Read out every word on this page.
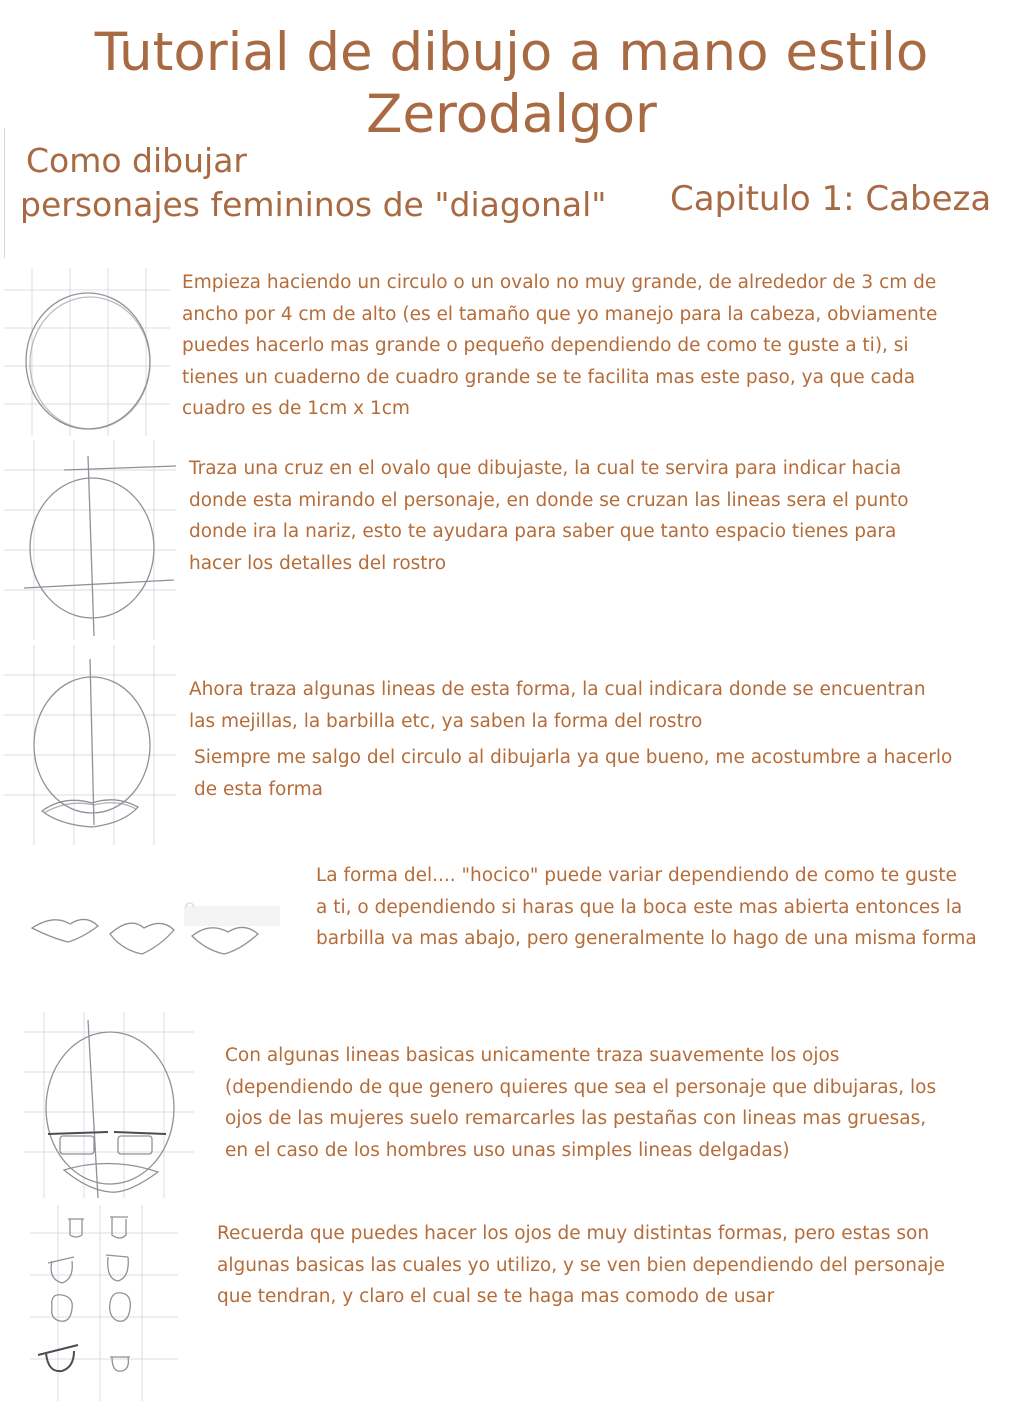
Tutorial de dibujo a mano estilo
Zerodalgor
Como dibujar
personajes femininos de "diagonal" Capitulo 1: Cabeza
Empieza haciendo un circulo o un ovalo no muy grande, de alrededor de 3 cm de
ancho por 4 cm de alto (es el tamaño que yo manejo para la cabeza, obviamente
puedes hacerlo mas grande o pequeño dependiendo de como te guste a ti), si
tienes un cuaderno de cuadro grande se te facilita mas este paso, ya que cada
cuadro es de 1cm x 1cm
Traza una cruz en el ovalo que dibujaste, la cual te servira para indicar hacia
donde esta mirando el personaje, en donde se cruzan las lineas sera el punto
donde ira la nariz, esto te ayudara para saber que tanto espacio tienes para
hacer los detalles del rostro
Ahora traza algunas lineas de esta forma, la cual indicara donde se encuentran
las mejillas, la barbilla etc, ya saben la forma del rostro
Siempre me salgo del circulo al dibujarla ya que bueno, me acostumbre a hacerlo
de esta forma
ᵔ
La forma del.... "hocico" puede variar dependiendo de como te guste
a ti, o dependiendo si haras que la boca este mas abierta entonces la
barbilla va mas abajo, pero generalmente lo hago de una misma forma
Con algunas lineas basicas unicamente traza suavemente los ojos
(dependiendo de que genero quieres que sea el personaje que dibujaras, los
ojos de las mujeres suelo remarcarles las pestañas con lineas mas gruesas,
en el caso de los hombres uso unas simples lineas delgadas)
Recuerda que puedes hacer los ojos de muy distintas formas, pero estas son
algunas basicas las cuales yo utilizo, y se ven bien dependiendo del personaje
que tendran, y claro el cual se te haga mas comodo de usar
